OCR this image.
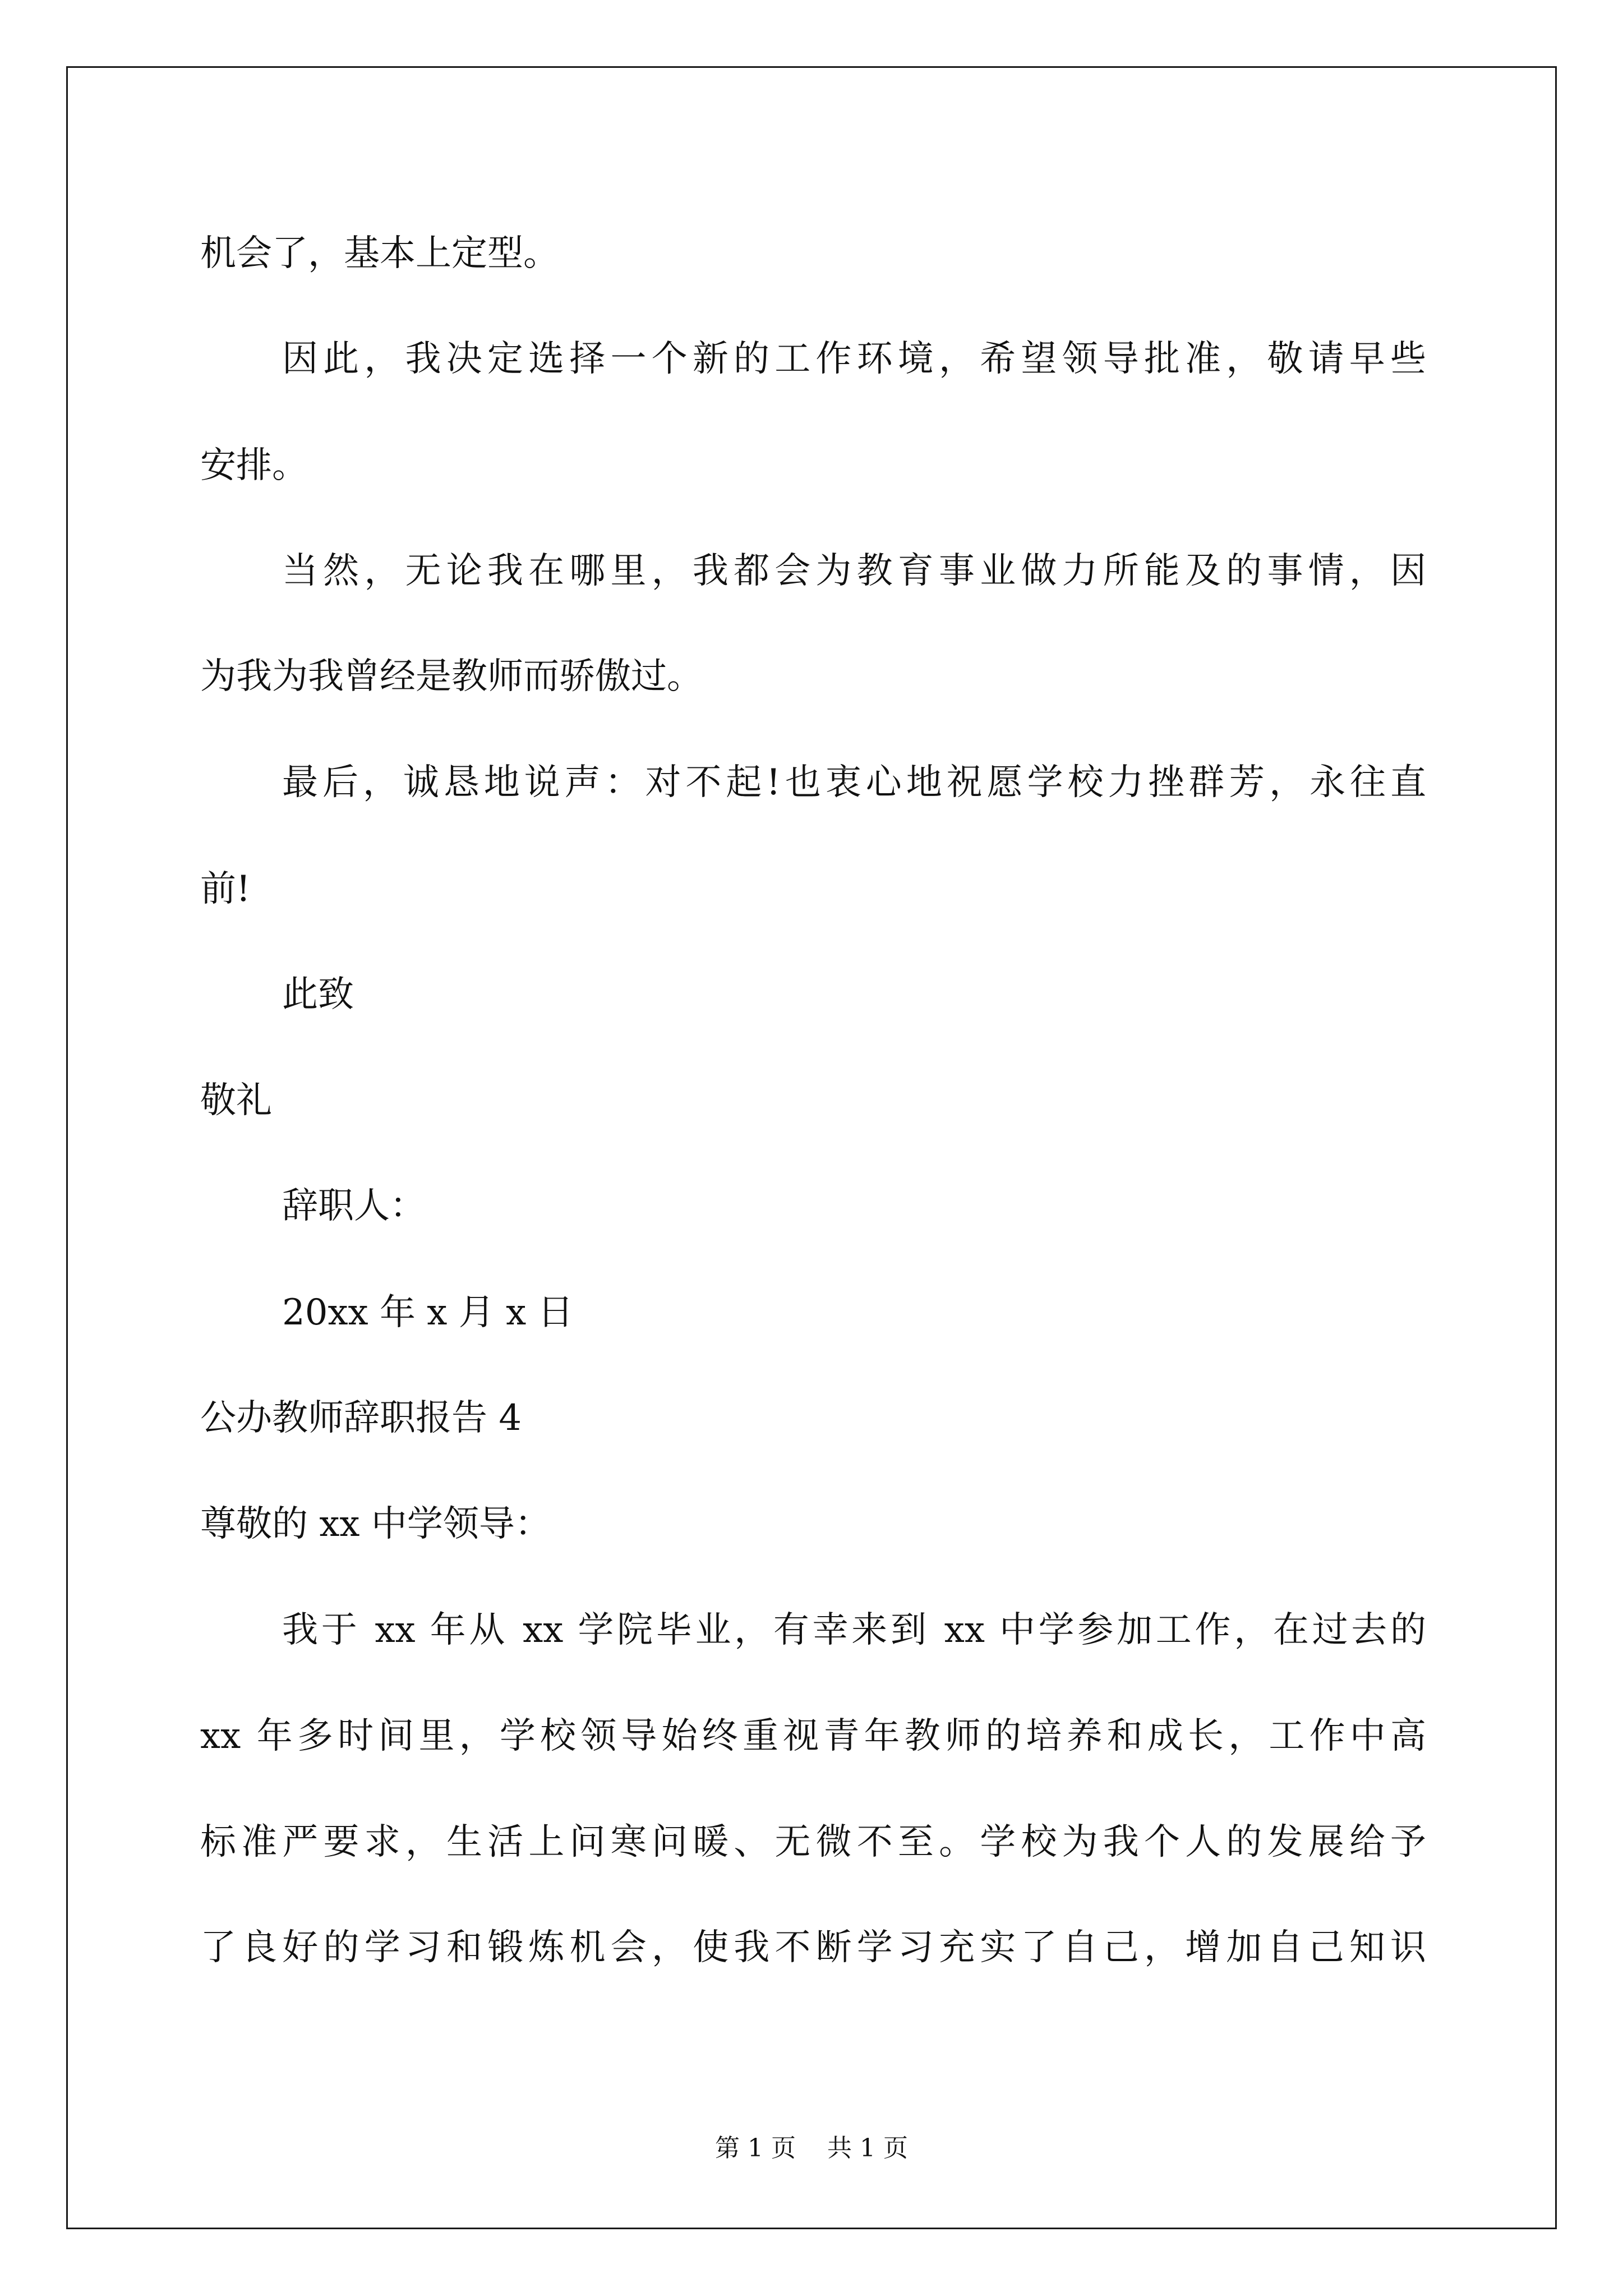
机会了，基本上定型。
因此，我决定选择一个新的工作环境，希望领导批准，敬请早些
安排。
当然，无论我在哪里，我都会为教育事业做力所能及的事情，因
为我为我曾经是教师而骄傲过。
最后，诚恳地说声：对不起!也衷心地祝愿学校力挫群芳，永往直
前!
此致
敬礼
辞职人：
20xx 年 x 月 x 日
公办教师辞职报告 4
尊敬的 xx 中学领导：
我于 xx 年从 xx 学院毕业，有幸来到 xx 中学参加工作，在过去的
xx 年多时间里，学校领导始终重视青年教师的培养和成长，工作中高
标准严要求，生活上问寒问暖、无微不至。学校为我个人的发展给予
了良好的学习和锻炼机会，使我不断学习充实了自己，增加自己知识
第 1 页 共 1 页
